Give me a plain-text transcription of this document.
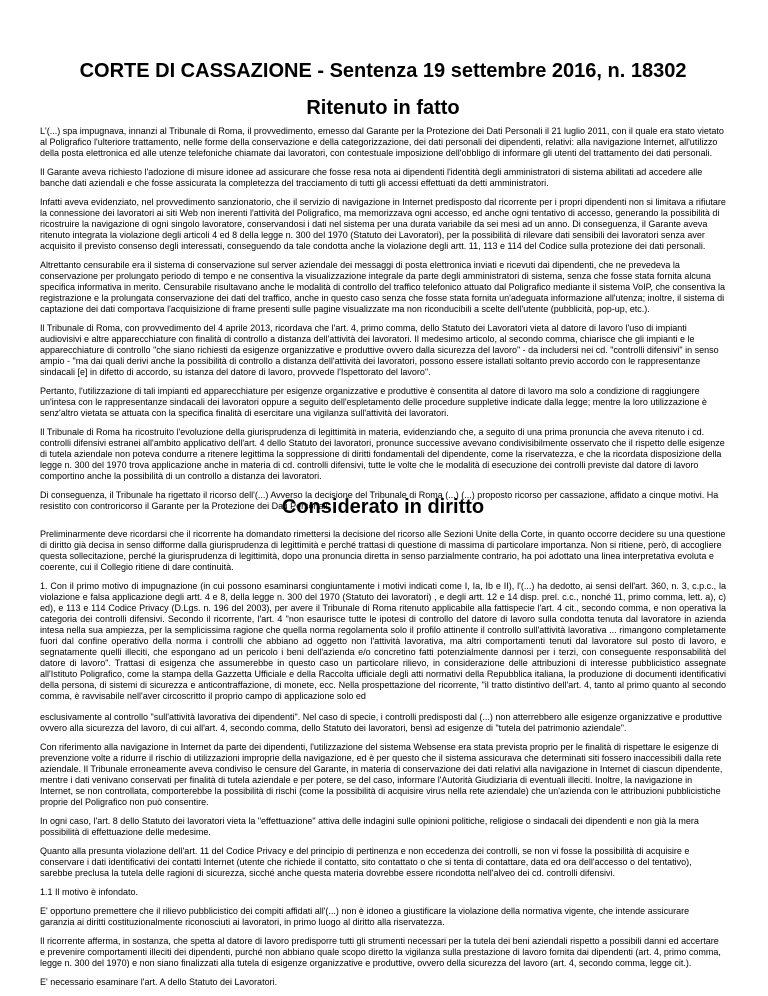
CORTE DI CASSAZIONE - Sentenza 19 settembre 2016, n. 18302
Ritenuto in fatto

L'(...) spa impugnava, innanzi al Tribunale di Roma, il provvedimento, emesso dal Garante per la Protezione dei Dati Personali il 21 luglio 2011, con il quale era stato vietato al Poligrafico l'ulteriore trattamento, nelle forme della conservazione e della categorizzazione, dei dati personali dei dipendenti, relativi: alla navigazione Internet, all'utilizzo della posta elettronica ed alle utenze telefoniche chiamate dai lavoratori, con contestuale imposizione dell'obbligo di informare gli utenti del trattamento dei dati personali.

Il Garante aveva richiesto l'adozione di misure idonee ad assicurare che fosse resa nota ai dipendenti l'identità degli amministratori di sistema abilitati ad accedere alle banche dati aziendali e che fosse assicurata la completezza del tracciamento di tutti gli accessi effettuati da detti amministratori.

Infatti aveva evidenziato, nel provvedimento sanzionatorio, che il servizio di navigazione in Internet predisposto dal ricorrente per i propri dipendenti non si limitava a rifiutare la connessione dei lavoratori ai siti Web non inerenti l'attività del Poligrafico, ma memorizzava ogni accesso, ed anche ogni tentativo di accesso, generando la possibilità di ricostruire la navigazione di ogni singolo lavoratore, conservandosi i dati nel sistema per una durata variabile da sei mesi ad un anno. Di conseguenza, il Garante aveva ritenuto integrata la violazione degli articoli 4 ed 8 della legge n. 300 del 1970 (Statuto dei Lavoratori), per la possibilità di rilevare dati sensibili dei lavoratori senza aver acquisito il previsto consenso degli interessati, conseguendo da tale condotta anche la violazione degli artt. 11, 113 e 114 del Codice sulla protezione dei dati personali.

Altrettanto censurabile era il sistema di conservazione sul server aziendale dei messaggi di posta elettronica inviati e ricevuti dai dipendenti, che ne prevedeva la conservazione per prolungato periodo di tempo e ne consentiva la visualizzazione integrale da parte degli amministratori di sistema, senza che fosse stata fornita alcuna specifica informativa in merito. Censurabile risultavano anche le modalità di controllo del traffico telefonico attuato dal Poligrafico mediante il sistema VoIP, che consentiva la registrazione e la prolungata conservazione dei dati del traffico, anche in questo caso senza che fosse stata fornita un'adeguata informazione all'utenza; inoltre, il sistema di captazione dei dati comportava l'acquisizione di frame presenti sulle pagine visualizzate ma non riconducibili a scelte dell'utente (pubblicità, pop-up, etc.).

Il Tribunale di Roma, con provvedimento del 4 aprile 2013, ricordava che l'art. 4, primo comma, dello Statuto dei Lavoratori vieta al datore di lavoro l'uso di impianti audiovisivi e altre apparecchiature con finalità di controllo a distanza dell'attività dei lavoratori. Il medesimo articolo, al secondo comma, chiarisce che gli impianti e le apparecchiature di controllo "che siano richiesti da esigenze organizzative e produttive ovvero dalla sicurezza del lavoro" - da includersi nei cd. "controlli difensivi" in senso ampio - "ma dai quali derivi anche la possibilità di controllo a distanza dell'attività dei lavoratori, possono essere istallati soltanto previo accordo con le rappresentanze sindacali [e] in difetto di accordo, su istanza del datore di lavoro, provvede l'Ispettorato del lavoro".

Pertanto, l'utilizzazione di tali impianti ed apparecchiature per esigenze organizzative e produttive è consentita al datore di lavoro ma solo a condizione di raggiungere un'intesa con le rappresentanze sindacali dei lavoratori oppure a seguito dell'espletamento delle procedure suppletive indicate dalla legge; mentre la loro utilizzazione è senz'altro vietata se attuata con la specifica finalità di esercitare una vigilanza sull'attività dei lavoratori.

Il Tribunale di Roma ha ricostruito l'evoluzione della giurisprudenza di legittimità in materia, evidenziando che, a seguito di una prima pronuncia che aveva ritenuto i cd. controlli difensivi estranei all'ambito applicativo dell'art. 4 dello Statuto dei lavoratori, pronunce successive avevano condivisibilmente osservato che il rispetto delle esigenze di tutela aziendale non poteva condurre a ritenere legittima la soppressione di diritti fondamentali del dipendente, come la riservatezza, e che la ricordata disposizione della legge n. 300 del 1970 trova applicazione anche in materia di cd. controlli difensivi, tutte le volte che le modalità di esecuzione dei controlli previste dal datore di lavoro comportino anche la possibilità di un controllo a distanza dei lavoratori.

Di conseguenza, il Tribunale ha rigettato il ricorso dell'(...) Avverso la decisione del Tribunale di Roma (...) (...) proposto ricorso per cassazione, affidato a cinque motivi. Ha resistito con controricorso il Garante per la Protezione dei Dati Personali.

Considerato in diritto

Preliminarmente deve ricordarsi che il ricorrente ha domandato rimettersi la decisione del ricorso alle Sezioni Unite della Corte, in quanto occorre decidere su una questione di diritto già decisa in senso difforme dalla giurisprudenza di legittimità e perché trattasi di questione di massima di particolare importanza. Non si ritiene, però, di accogliere questa sollecitazione, perché la giurisprudenza di legittimità, dopo una pronuncia diretta in senso parzialmente contrario, ha poi adottato una linea interpretativa evoluta e coerente, cui il Collegio ritiene di dare continuità.

1. Con il primo motivo di impugnazione (in cui possono esaminarsi congiuntamente i motivi indicati come I, Ia, Ib e II), l'(...) ha dedotto, ai sensi dell'art. 360, n. 3, c.p.c., la violazione e falsa applicazione degli artt. 4 e 8, della legge n. 300 del 1970 (Statuto dei lavoratori) , e degli artt. 12 e 14 disp. prel. c.c., nonché 11, primo comma, lett. a), c) ed), e 113 e 114 Codice Privacy (D.Lgs. n. 196 del 2003), per avere il Tribunale di Roma ritenuto applicabile alla fattispecie l'art. 4 cit., secondo comma, e non operativa la categoria dei controlli difensivi. Secondo il ricorrente, l'art. 4 "non esaurisce tutte le ipotesi di controllo del datore di lavoro sulla condotta tenuta dal lavoratore in azienda intesa nella sua ampiezza, per la semplicissima ragione che quella norma regolamenta solo il profilo attinente il controllo sull'attività lavorativa ... rimangono completamente fuori dal confine operativo della norma i controlli che abbiano ad oggetto non l'attività lavorativa, ma altri comportamenti tenuti dal lavoratore sul posto di lavoro, e segnatamente quelli illeciti, che espongano ad un pericolo i beni dell'azienda e/o concretino fatti potenzialmente dannosi per i terzi, con conseguente responsabilità del datore di lavoro". Trattasi di esigenza che assumerebbe in questo caso un particolare rilievo, in considerazione delle attribuzioni di interesse pubblicistico assegnate all'Istituto Poligrafico, come la stampa della Gazzetta Ufficiale e della Raccolta ufficiale degli atti normativi della Repubblica italiana, la produzione di documenti identificativi della persona, di sistemi di sicurezza e anticontraffazione, di monete, ecc. Nella prospettazione del ricorrente, "il tratto distintivo dell'art. 4, tanto al primo quanto al secondo comma, è ravvisabile nell'aver circoscritto il proprio campo di applicazione solo ed

esclusivamente al controllo "sull'attività lavorativa dei dipendenti". Nel caso di specie, i controlli predisposti dal (...) non atterrebbero alle esigenze organizzative e produttive ovvero alla sicurezza del lavoro, di cui all'art. 4, secondo comma, dello Statuto dei lavoratori, bensì ad esigenze di "tutela del patrimonio aziendale".

Con riferimento alla navigazione in Internet da parte dei dipendenti, l'utilizzazione del sistema Websense era stata prevista proprio per le finalità di rispettare le esigenze di prevenzione volte a ridurre il rischio di utilizzazioni improprie della navigazione, ed è per questo che il sistema assicurava che determinati siti fossero inaccessibili dalla rete aziendale. Il Tribunale erroneamente aveva condiviso le censure del Garante, in materia di conservazione dei dati relativi alla navigazione in Internet di ciascun dipendente, mentre i dati venivano conservati per finalità di tutela aziendale e per potere, se del caso, informare l'Autorità Giudiziaria di eventuali illeciti. Inoltre, la navigazione in Internet, se non controllata, comporterebbe la possibilità di rischi (come la possibilità di acquisire virus nella rete aziendale) che un'azienda con le attribuzioni pubblicistiche proprie del Poligrafico non può consentire.

In ogni caso, l'art. 8 dello Statuto dei lavoratori vieta la "effettuazione" attiva delle indagini sulle opinioni politiche, religiose o sindacali dei dipendenti e non già la mera possibilità di effettuazione delle medesime.

Quanto alla presunta violazione dell'art. 11 del Codice Privacy e del principio di pertinenza e non eccedenza dei controlli, se non vi fosse la possibilità di acquisire e conservare i dati identificativi dei contatti Internet (utente che richiede il contatto, sito contattato o che si tenta di contattare, data ed ora dell'accesso o del tentativo), sarebbe preclusa la tutela delle ragioni di sicurezza, sicché anche questa materia dovrebbe essere ricondotta nell'alveo dei cd. controlli difensivi.

1.1 Il motivo è infondato.

E' opportuno premettere che il rilievo pubblicistico dei compiti affidati all'(...) non è idoneo a giustificare la violazione della normativa vigente, che intende assicurare garanzia ai diritti costituzionalmente riconosciuti ai lavoratori, in primo luogo al diritto alla riservatezza.

Il ricorrente afferma, in sostanza, che spetta al datore di lavoro predisporre tutti gli strumenti necessari per la tutela dei beni aziendali rispetto a possibili danni ed accertare e prevenire comportamenti illeciti dei dipendenti, purché non abbiano quale scopo diretto la vigilanza sulla prestazione di lavoro fornita dai dipendenti (art. 4, primo comma, legge n. 300 del 1970) e non siano finalizzati alla tutela di esigenze organizzative e produttive, ovvero della sicurezza del lavoro (art. 4, secondo comma, legge cit.).

E' necessario esaminare l'art. A dello Statuto dei Lavoratori.
